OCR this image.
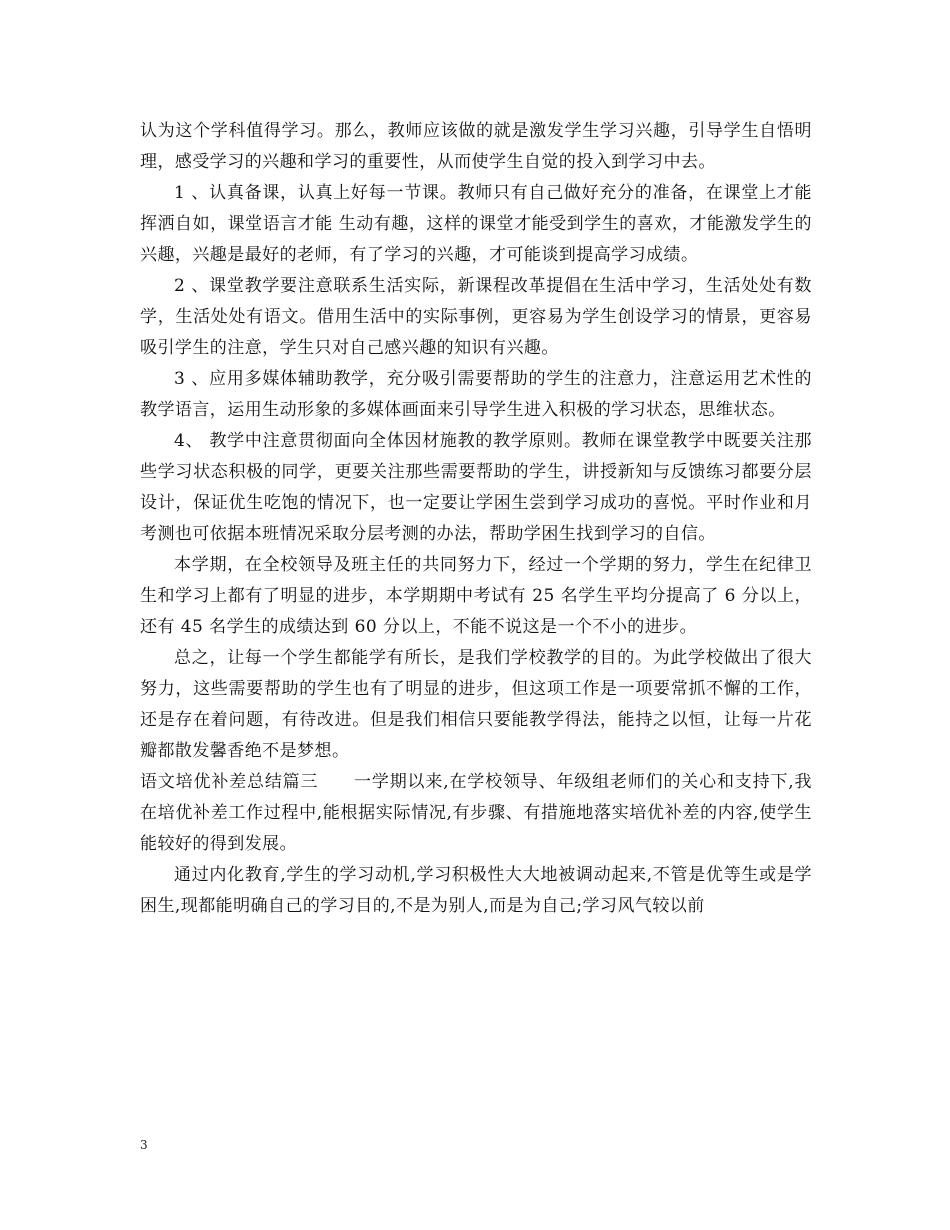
认为这个学科值得学习。那么，教师应该做的就是激发学生学习兴趣，引导学生自悟明理，感受学习的兴趣和学习的重要性，从而使学生自觉的投入到学习中去。

1 、认真备课，认真上好每一节课。教师只有自己做好充分的准备，在课堂上才能挥洒自如，课堂语言才能 生动有趣，这样的课堂才能受到学生的喜欢，才能激发学生的兴趣，兴趣是最好的老师，有了学习的兴趣，才可能谈到提高学习成绩。

2 、课堂教学要注意联系生活实际，新课程改革提倡在生活中学习，生活处处有数学，生活处处有语文。借用生活中的实际事例，更容易为学生创设学习的情景，更容易吸引学生的注意，学生只对自己感兴趣的知识有兴趣。

3 、应用多媒体辅助教学，充分吸引需要帮助的学生的注意力，注意运用艺术性的教学语言，运用生动形象的多媒体画面来引导学生进入积极的学习状态，思维状态。

4、 教学中注意贯彻面向全体因材施教的教学原则。教师在课堂教学中既要关注那些学习状态积极的同学，更要关注那些需要帮助的学生，讲授新知与反馈练习都要分层设计，保证优生吃饱的情况下，也一定要让学困生尝到学习成功的喜悦。平时作业和月考测也可依据本班情况采取分层考测的办法，帮助学困生找到学习的自信。

本学期，在全校领导及班主任的共同努力下，经过一个学期的努力，学生在纪律卫生和学习上都有了明显的进步，本学期期中考试有 25 名学生平均分提高了 6 分以上，还有 45 名学生的成绩达到 60 分以上，不能不说这是一个不小的进步。

总之，让每一个学生都能学有所长，是我们学校教学的目的。为此学校做出了很大努力，这些需要帮助的学生也有了明显的进步，但这项工作是一项要常抓不懈的工作，还是存在着问题，有待改进。但是我们相信只要能教学得法，能持之以恒，让每一片花瓣都散发馨香绝不是梦想。

语文培优补差总结篇三　　一学期以来,在学校领导、年级组老师们的关心和支持下,我在培优补差工作过程中,能根据实际情况,有步骤、有措施地落实培优补差的内容,使学生能较好的得到发展。

通过内化教育,学生的学习动机,学习积极性大大地被调动起来,不管是优等生或是学困生,现都能明确自己的学习目的,不是为别人,而是为自己;学习风气较以前

3
